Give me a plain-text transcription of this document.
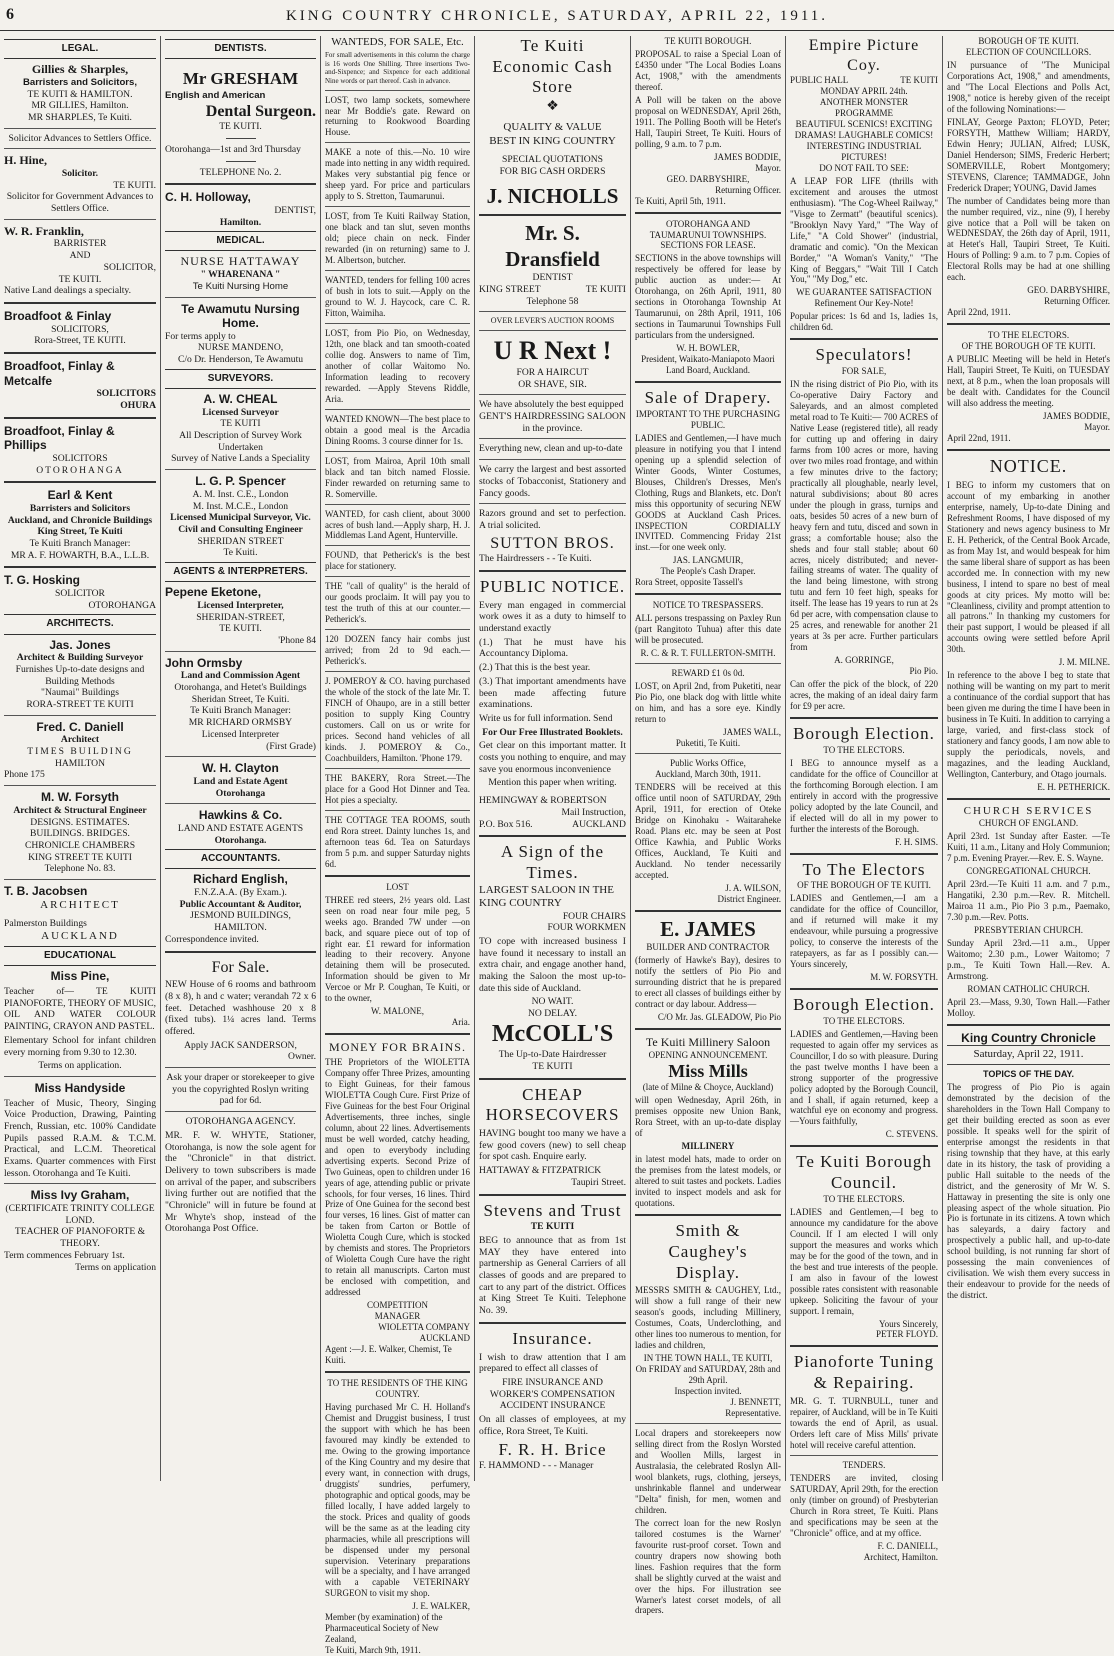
6	KING COUNTRY CHRONICLE, SATURDAY, APRIL 22, 1911.
LEGAL.
Gillies & Sharples,
Barristers and Solicitors,
TE KUITI & HAMILTON.
MR GILLIES, Hamilton.
MR SHARPLES, Te Kuiti.
Solicitor Advances to Settlers Office.
H. Hine,
Solicitor.
TE KUITI.
Solicitor for Government Advances to Settlers Office.
W. R. Franklin,
BARRISTER
AND
SOLICITOR,
TE KUITI.
Native Land dealings a specialty.
Broadfoot & Finlay
SOLICITORS,
Rora-Street, TE KUITI.
Broadfoot, Finlay & Metcalfe
SOLICITORS
OHURA
Broadfoot, Finlay & Phillips
SOLICITORS
OTOROHANGA
Earl & Kent
Barristers and Solicitors
Auckland, and Chronicle Buildings King Street, Te Kuiti
Te Kuiti Branch Manager:
MR A. F. HOWARTH, B.A., L.L.B.
T. G. Hosking
SOLICITOR
OTOROHANGA
ARCHITECTS.
Jas. Jones
Architect & Building Surveyor
Furnishes Up-to-date designs and Building Methods
"Naumai" Buildings
RORA-STREET TE KUITI
Fred. C. Daniell
Architect
TIMES BUILDING
HAMILTON
Phone 175
M. W. Forsyth
Architect & Structural Engineer
DESIGNS. ESTIMATES.
BUILDINGS. BRIDGES.
CHRONICLE CHAMBERS
KING STREET TE KUITI
Telephone No. 83.
T. B. Jacobsen
ARCHITECT
Palmerston Buildings
AUCKLAND
EDUCATIONAL
Miss Pine,

Teacher of— TE KUITI PIANOFORTE, THEORY OF MUSIC, OIL AND WATER COLOUR PAINTING, CRAYON AND PASTEL.

Elementary School for infant children every morning from 9.30 to 12.30.

Terms on application.
Miss Handyside

Teacher of Music, Theory, Singing Voice Production, Drawing, Painting French, Russian, etc. 100% Candidate Pupils passed R.A.M. & T.C.M. Practical, and L.C.M. Theoretical Exams. Quarter commences with First lesson. Otorohanga and Te Kuiti.

Miss Ivy Graham,
(CERTIFICATE TRINITY COLLEGE LOND.
TEACHER OF PIANOFORTE & THEORY.
Term commences February 1st.
Terms on application
DENTISTS.
Mr GRESHAM
English and American
Dental Surgeon.
TE KUITI.
Otorohanga—1st and 3rd Thursday
TELEPHONE No. 2.
C. H. Holloway,
DENTIST,
Hamilton.
MEDICAL.
NURSE HATTAWAY
" WHARENANA "
Te Kuiti Nursing Home
Te Awamutu Nursing Home.
For terms apply to
NURSE MANDENO,
C/o Dr. Henderson, Te Awamutu
SURVEYORS.
A. W. CHEAL
Licensed Surveyor
TE KUITI
All Description of Survey Work
Undertaken
Survey of Native Lands a Speciality
L. G. P. Spencer
A. M. Inst. C.E., London
M. Inst. M.C.E., London
Licensed Municipal Surveyor, Vic. Civil and Consulting Engineer
SHERIDAN STREET
Te Kuiti.
AGENTS & INTERPRETERS.
Pepene Eketone,
Licensed Interpreter,
SHERIDAN-STREET,
TE KUITI.
'Phone 84
John Ormsby
Land and Commission Agent
Otorohanga, and Hetet's Buildings Sheridan Street, Te Kuiti.
Te Kuiti Branch Manager:
MR RICHARD ORMSBY
Licensed Interpreter
(First Grade)
W. H. Clayton
Land and Estate Agent
Otorohanga
Hawkins & Co.
LAND AND ESTATE AGENTS
Otorohanga.
ACCOUNTANTS.
Richard English,
F.N.Z.A.A. (By Exam.).
Public Accountant & Auditor,
JESMOND BUILDINGS,
HAMILTON.
Correspondence invited.
For Sale.

NEW House of 6 rooms and bathroom (8 x 8), h and c water; verandah 72 x 6 feet. Detached washhouse 20 x 8 (fixed tubs). 1¼ acres land. Terms offered.

Apply JACK SANDERSON,
Owner.

Ask your draper or storekeeper to give you the copyrighted Roslyn writing pad for 6d.

OTOROHANGA AGENCY.

MR. F. W. WHYTE, Stationer, Otorohanga, is now the sole agent for the "Chronicle" in that district. Delivery to town subscribers is made on arrival of the paper, and subscribers living further out are notified that the "Chronicle" will in future be found at Mr Whyte's shop, instead of the Otorohanga Post Office.

WANTEDS, FOR SALE, Etc.

For small advertisements in this column the charge is 16 words One Shilling. Three insertions Two-and-Sixpence; and Sixpence for each additional Nine words or part thereof. Cash in advance.

LOST, two lamp sockets, somewhere near Mr Boddie's gate. Reward on returning to Rookwood Boarding House.

MAKE a note of this.—No. 10 wire made into netting in any width required. Makes very substantial pig fence or sheep yard. For price and particulars apply to S. Stretton, Taumarunui.

LOST, from Te Kuiti Railway Station, one black and tan slut, seven months old; piece chain on neck. Finder rewarded (in on returning) same to J. M. Albertson, butcher.

WANTED, tenders for felling 100 acres of bush in lots to suit.—Apply on the ground to W. J. Haycock, care C. R. Fitton, Waimiha.

LOST, from Pio Pio, on Wednesday, 12th, one black and tan smooth-coated collie dog. Answers to name of Tim, another of collar Waitomo No. Information leading to recovery rewarded. —Apply Stevens Riddle, Aria.

WANTED KNOWN—The best place to obtain a good meal is the Arcadia Dining Rooms. 3 course dinner for 1s.

LOST, from Mairoa, April 10th small black and tan bitch named Flossie. Finder rewarded on returning same to R. Somerville.

WANTED, for cash client, about 3000 acres of bush land.—Apply sharp, H. J. Middlemas Land Agent, Hunterville.

FOUND, that Petherick's is the best place for stationery.

THE "call of quality" is the herald of our goods proclaim. It will pay you to test the truth of this at our counter.—Petherick's.

120 DOZEN fancy hair combs just arrived; from 2d to 9d each.—Petherick's.

J. POMEROY & CO. having purchased the whole of the stock of the late Mr. T. FINCH of Ohaupo, are in a still better position to supply King Country customers. Call on us or write for prices. Second hand vehicles of all kinds. J. POMEROY & Co., Coachbuilders, Hamilton. 'Phone 179.

THE BAKERY, Rora Street.—The place for a Good Hot Dinner and Tea. Hot pies a specialty.

THE COTTAGE TEA ROOMS, south end Rora street. Dainty lunches 1s, and afternoon teas 6d. Tea on Saturdays from 5 p.m. and supper Saturday nights 6d.

LOST

THREE red steers, 2½ years old. Last seen on road near four mile peg, 5 weeks ago. Branded 7W under —on back, and square piece out of top of right ear. £1 reward for information leading to their recovery. Anyone detaining them will be prosecuted. Information should be given to Mr Vercoe or Mr P. Coughan, Te Kuiti, or to the owner,

W. MALONE,
Aria.
MONEY FOR BRAINS.

THE Proprietors of the WIOLETTA Company offer Three Prizes, amounting to Eight Guineas, for their famous WIOLETTA Cough Cure. First Prize of Five Guineas for the best Four Original Advertisements, three inches, single column, about 22 lines. Advertisements must be well worded, catchy heading, and open to everybody including advertising experts. Second Prize of Two Guineas, open to children under 16 years of age, attending public or private schools, for four verses, 16 lines. Third Prize of One Guinea for the second best four verses, 16 lines. Gist of matter can be taken from Carton or Bottle of Wioletta Cough Cure, which is stocked by chemists and stores. The Proprietors of Wioletta Cough Cure have the right to retain all manuscripts. Carton must be enclosed with competition, and addressed

COMPETITION
MANAGER
WIOLETTA COMPANY
AUCKLAND
Agent :—J. E. Walker, Chemist, Te Kuiti.
TO THE RESIDENTS OF THE KING COUNTRY.

Having purchased Mr C. H. Holland's Chemist and Druggist business, I trust the support with which he has been favoured may kindly be extended to me. Owing to the growing importance of the King Country and my desire that every want, in connection with drugs, druggists' sundries, perfumery, photographic and optical goods, may be filled locally, I have added largely to the stock. Prices and quality of goods will be the same as at the leading city pharmacies, while all prescriptions will be dispensed under my personal supervision. Veterinary preparations will be a specialty, and I have arranged with a capable VETERINARY SURGEON to visit my shop.

J. E. WALKER,
Member (by examination) of the Pharmaceutical Society of New Zealand,
Te Kuiti, March 9th, 1911.
Te Kuiti
Economic Cash Store
❖
QUALITY & VALUE
BEST IN KING COUNTRY
SPECIAL QUOTATIONS
FOR BIG CASH ORDERS
J. NICHOLLS
Mr. S. Dransfield
DENTIST
KING STREET	TE KUITI
Telephone 58
OVER LEVER'S AUCTION ROOMS
U R Next !
FOR A HAIRCUT
OR SHAVE, SIR.
We have absolutely the best equipped
GENT'S HAIRDRESSING SALOON in the province.
Everything new, clean and up-to-date

We carry the largest and best assorted stocks of Tobacconist, Stationery and Fancy goods.

Razors ground and set to perfection. A trial solicited.

SUTTON BROS.
The Hairdressers - - Te Kuiti.
PUBLIC NOTICE.

Every man engaged in commercial work owes it as a duty to himself to understand exactly

(1.) That he must have his Accountancy Diploma.

(2.) That this is the best year.

(3.) That important amendments have been made affecting future examinations.

Write us for full information. Send

For Our Free Illustrated Booklets.

Get clear on this important matter. It costs you nothing to enquire, and may save you enormous inconvenience

Mention this paper when writing.
HEMINGWAY & ROBERTSON
Mail Instruction,
P.O. Box 516.	AUCKLAND
A Sign of the Times.
LARGEST SALOON IN THE KING COUNTRY
FOUR CHAIRS
FOUR WORKMEN

TO cope with increased business I have found it necessary to install an extra chair, and engage another hand, making the Saloon the most up-to-date this side of Auckland.

NO WAIT.
NO DELAY.
McCOLL'S
The Up-to-Date Hairdresser
TE KUITI
CHEAP
HORSECOVERS

HAVING bought too many we have a few good covers (new) to sell cheap for spot cash. Enquire early.

HATTAWAY & FITZPATRICK
Taupiri Street.
Stevens and Trust
TE KUITI

BEG to announce that as from 1st MAY they have entered into partnership as General Carriers of all classes of goods and are prepared to cart to any part of the district. Offices at King Street Te Kuiti. Telephone No. 39.

Insurance.

I wish to draw attention that I am prepared to effect all classes of

FIRE INSURANCE AND WORKER'S COMPENSATION ACCIDENT INSURANCE

On all classes of employees, at my office, Rora Street, Te Kuiti.

F. R. H. Brice
F. HAMMOND - - - Manager
TE KUITI BOROUGH.

PROPOSAL to raise a Special Loan of £4350 under "The Local Bodies Loans Act, 1908," with the amendments thereof.

A Poll will be taken on the above proposal on WEDNESDAY, April 26th, 1911. The Polling Booth will be Hetet's Hall, Taupiri Street, Te Kuiti. Hours of polling, 9 a.m. to 7 p.m.

JAMES BODDIE,
Mayor.
GEO. DARBYSHIRE,
Returning Officer.
Te Kuiti, April 5th, 1911.
OTOROHANGA AND TAUMARUNUI TOWNSHIPS.
SECTIONS FOR LEASE.

SECTIONS in the above townships will respectively be offered for lease by public auction as under:— At Otorohanga, on 26th April, 1911, 80 sections in Otorohanga Township At Taumarunui, on 28th April, 1911, 106 sections in Taumarunui Townships Full particulars from the undersigned.

W. H. BOWLER,
President, Waikato-Maniapoto Maori Land Board, Auckland.
Sale of Drapery.
IMPORTANT TO THE PURCHASING PUBLIC.

LADIES and Gentlemen,—I have much pleasure in notifying you that I intend opening up a splendid selection of Winter Goods, Winter Costumes, Blouses, Children's Dresses, Men's Clothing, Rugs and Blankets, etc. Don't miss this opportunity of securing NEW GOODS at Auckland Cash Prices. INSPECTION CORDIALLY INVITED. Commencing Friday 21st inst.—for one week only.

JAS. LANGMUIR,
The People's Cash Draper.
Rora Street, opposite Tassell's
NOTICE TO TRESPASSERS.

ALL persons trespassing on Paxley Run (part Rangitoto Tuhua) after this date will be prosecuted.

R. C. & R. T. FULLERTON-SMITH.
REWARD £1 0s 0d.

LOST, on April 2nd, from Puketiti, near Pio Pio, one black dog with little white on him, and has a sore eye. Kindly return to

JAMES WALL,
Puketiti, Te Kuiti.
Public Works Office,
Auckland, March 30th, 1911.

TENDERS will be received at this office until noon of SATURDAY, 29th April, 1911, for erection of Oteke Bridge on Kinohaku - Waitaraheke Road. Plans etc. may be seen at Post Office Kawhia, and Public Works Offices, Auckland, Te Kuiti and Auckland. No tender necessarily accepted.

J. A. WILSON,
District Engineer.
E. JAMES
BUILDER AND CONTRACTOR

(formerly of Hawke's Bay), desires to notify the settlers of Pio Pio and surrounding district that he is prepared to erect all classes of buildings either by contract or day labour. Address—

C/O Mr. Jas. GLEADOW, Pio Pio
Te Kuiti Millinery Saloon
OPENING ANNOUNCEMENT.
Miss Mills
(late of Milne & Choyce, Auckland)

will open Wednesday, April 26th, in premises opposite new Union Bank, Rora Street, with an up-to-date display of

MILLINERY

in latest model hats, made to order on the premises from the latest models, or altered to suit tastes and pockets. Ladies invited to inspect models and ask for quotations.

Smith & Caughey's Display.

MESSRS SMITH & CAUGHEY, Ltd., will show a full range of their new season's goods, including Millinery, Costumes, Coats, Underclothing, and other lines too numerous to mention, for ladies and children,

IN THE TOWN HALL, TE KUITI,
On FRIDAY and SATURDAY, 28th and 29th April.
Inspection invited.
J. BENNETT,
Representative.

Local drapers and storekeepers now selling direct from the Roslyn Worsted and Woollen Mills, largest in Australasia, the celebrated Roslyn All-wool blankets, rugs, clothing, jerseys, unshrinkable flannel and underwear "Delta" finish, for men, women and children.

The correct loan for the new Roslyn tailored costumes is the Warner' favourite rust-proof corset. Town and country drapers now showing both lines. Fashion requires that the form shall be slightly curved at the waist and over the hips. For illustration see Warner's latest corset models, of all drapers.

Empire Picture Coy.
PUBLIC HALL	TE KUITI
MONDAY APRIL 24th.
ANOTHER MONSTER PROGRAMME
BEAUTIFUL SCENICS! EXCITING DRAMAS! LAUGHABLE COMICS! INTERESTING INDUSTRIAL PICTURES!
DO NOT FAIL TO SEE:

A LEAP FOR LIFE (thrills with excitement and arouses the utmost enthusiasm). "The Cog-Wheel Railway," "Visge to Zermatt" (beautiful scenics). "Brooklyn Navy Yard," "The Way of Life," "A Cold Shower" (industrial, dramatic and comic). "On the Mexican Border," "A Woman's Vanity," "The King of Beggars," "Wait Till I Catch You," "My Dog," etc.

WE GUARANTEE SATISFACTION
Refinement Our Key-Note!

Popular prices: 1s 6d and 1s, ladies 1s, children 6d.

Speculators!
FOR SALE,

IN the rising district of Pio Pio, with its Co-operative Dairy Factory and Saleyards, and an almost completed metal road to Te Kuiti:— 700 ACRES of Native Lease (registered title), all ready for cutting up and offering in dairy farms from 100 acres or more, having over two miles road frontage, and within a few minutes drive to the factory; practically all ploughable, nearly level, natural subdivisions; about 80 acres under the plough in grass, turnips and oats, besides 50 acres of a new burn of heavy fern and tutu, disced and sown in grass; a comfortable house; also the sheds and four stall stable; about 60 acres, nicely distributed; and never-failing streams of water. The quality of the land being limestone, with strong tutu and fern 10 feet high, speaks for itself. The lease has 19 years to run at 2s 6d per acre, with compensation clause to 25 acres, and renewable for another 21 years at 3s per acre. Further particulars from

A. GORRINGE,
Pio Pio.

Can offer the pick of the block, of 220 acres, the making of an ideal dairy farm for £9 per acre.

Borough Election.
TO THE ELECTORS.

I BEG to announce myself as a candidate for the office of Councillor at the forthcoming Borough election. I am entirely in accord with the progressive policy adopted by the late Council, and if elected will do all in my power to further the interests of the Borough.

F. H. SIMS.
To The Electors
OF THE BOROUGH OF TE KUITI.

LADIES and Gentlemen,—I am a candidate for the office of Councillor, and if returned will make it my endeavour, while pursuing a progressive policy, to conserve the interests of the ratepayers, as far as I possibly can.—Yours sincerely,

M. W. FORSYTH.
Borough Election.
TO THE ELECTORS.

LADIES and Gentlemen,—Having been requested to again offer my services as Councillor, I do so with pleasure. During the past twelve months I have been a strong supporter of the progressive policy adopted by the Borough Council, and I shall, if again returned, keep a watchful eye on economy and progress.—Yours faithfully,

C. STEVENS.
Te Kuiti Borough Council.
TO THE ELECTORS.

LADIES and Gentlemen,—I beg to announce my candidature for the above Council. If I am elected I will only support the measures and works which may be for the good of the town, and in the best and true interests of the people. I am also in favour of the lowest possible rates consistent with reasonable upkeep. Soliciting the favour of your support. I remain,

Yours Sincerely,
PETER FLOYD.
Pianoforte Tuning & Repairing.

MR. G. T. TURNBULL, tuner and repairer, of Auckland, will be in Te Kuiti towards the end of April, as usual. Orders left care of Miss Mills' private hotel will receive careful attention.

TENDERS.

TENDERS are invited, closing SATURDAY, April 29th, for the erection only (timber on ground) of Presbyterian Church in Rora street, Te Kuiti. Plans and specifications may be seen at the "Chronicle" office, and at my office.

F. C. DANIELL,
Architect, Hamilton.
BOROUGH OF TE KUITI.
ELECTION OF COUNCILLORS.

IN pursuance of "The Municipal Corporations Act, 1908," and amendments, and "The Local Elections and Polls Act, 1908," notice is hereby given of the receipt of the following Nominations:—

FINLAY, George Paxton; FLOYD, Peter; FORSYTH, Matthew William; HARDY, Edwin Henry; JULIAN, Alfred; LUSK, Daniel Henderson; SIMS, Frederic Herbert; SOMERVILLE, Robert Montgomery; STEVENS, Clarence; TAMMADGE, John Frederick Draper; YOUNG, David James

The number of Candidates being more than the number required, viz., nine (9), I hereby give notice that a Poll will be taken on WEDNESDAY, the 26th day of April, 1911, at Hetet's Hall, Taupiri Street, Te Kuiti. Hours of Polling: 9 a.m. to 7 p.m. Copies of Electoral Rolls may be had at one shilling each.

GEO. DARBYSHIRE,
Returning Officer.
April 22nd, 1911.
TO THE ELECTORS.
OF THE BOROUGH OF TE KUITI.

A PUBLIC Meeting will be held in Hetet's Hall, Taupiri Street, Te Kuiti, on TUESDAY next, at 8 p.m., when the loan proposals will be dealt with. Candidates for the Council will also address the meeting.

JAMES BODDIE,
Mayor.
April 22nd, 1911.
NOTICE.

I BEG to inform my customers that on account of my embarking in another enterprise, namely, Up-to-date Dining and Refreshment Rooms, I have disposed of my Stationery and news agency business to Mr E. H. Petherick, of the Central Book Arcade, as from May 1st, and would bespeak for him the same liberal share of support as has been accorded me. In connection with my new business, I intend to spare no best of meal goods at city prices. My motto will be: "Cleanliness, civility and prompt attention to all patrons." In thanking my customers for their past support, I would be pleased if all accounts owing were settled before April 30th.

J. M. MILNE.

In reference to the above I beg to state that nothing will be wanting on my part to merit a continuance of the cordial support that has been given me during the time I have been in business in Te Kuiti. In addition to carrying a large, varied, and first-class stock of stationery and fancy goods, I am now able to supply the periodicals, novels, and magazines, and the leading Auckland, Wellington, Canterbury, and Otago journals.

E. H. PETHERICK.
CHURCH SERVICES
CHURCH OF ENGLAND.

April 23rd. 1st Sunday after Easter. —Te Kuiti, 11 a.m., Litany and Holy Communion; 7 p.m. Evening Prayer.—Rev. E. S. Wayne.

CONGREGATIONAL CHURCH.

April 23rd.—Te Kuiti 11 a.m. and 7 p.m., Hangatiki, 2.30 p.m.—Rev. R. Mitchell. Mairoa 11 a.m., Pio Pio 3 p.m., Paemako, 7.30 p.m.—Rev. Potts.

PRESBYTERIAN CHURCH.

Sunday April 23rd.—11 a.m., Upper Waitomo; 2.30 p.m., Lower Waitomo; 7 p.m., Te Kuiti Town Hall.—Rev. A. Armstrong.

ROMAN CATHOLIC CHURCH.

April 23.—Mass, 9.30, Town Hall.—Father Molloy.

King Country Chronicle
Saturday, April 22, 1911.
TOPICS OF THE DAY.

The progress of Pio Pio is again demonstrated by the decision of the shareholders in the Town Hall Company to get their building erected as soon as ever possible. It speaks well for the spirit of enterprise amongst the residents in that rising township that they have, at this early date in its history, the task of providing a public Hall suitable to the needs of the district, and the generosity of Mr W. S. Hattaway in presenting the site is only one pleasing aspect of the whole situation. Pio Pio is fortunate in its citizens. A town which has saleyards, a dairy factory and prospectively a public hall, and up-to-date school building, is not running far short of possessing the main conveniences of civilisation. We wish them every success in their endeavour to provide for the needs of the district.
